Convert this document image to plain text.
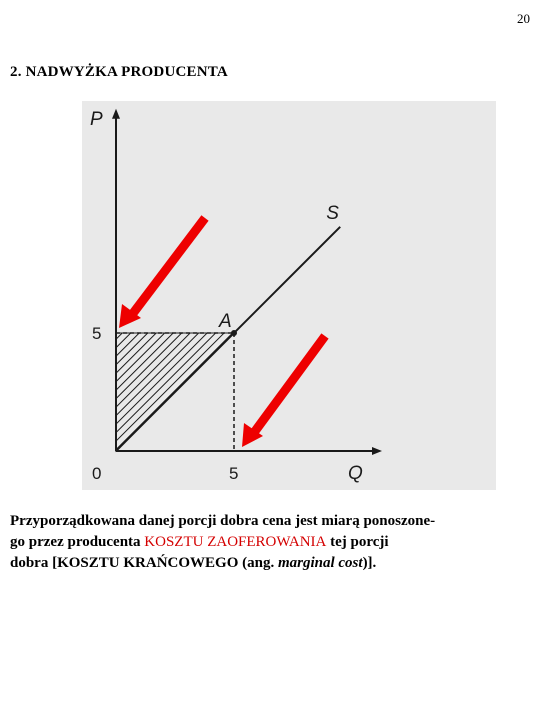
20
2. NADWYŻKA PRODUCENTA
P
Q
0
5
5
S
A
Przyporządkowana danej porcji dobra cena jest miarą ponoszone-
go przez producenta KOSZTU ZAOFEROWANIA tej porcji
dobra [KOSZTU KRAŃCOWEGO (ang. marginal cost)].
